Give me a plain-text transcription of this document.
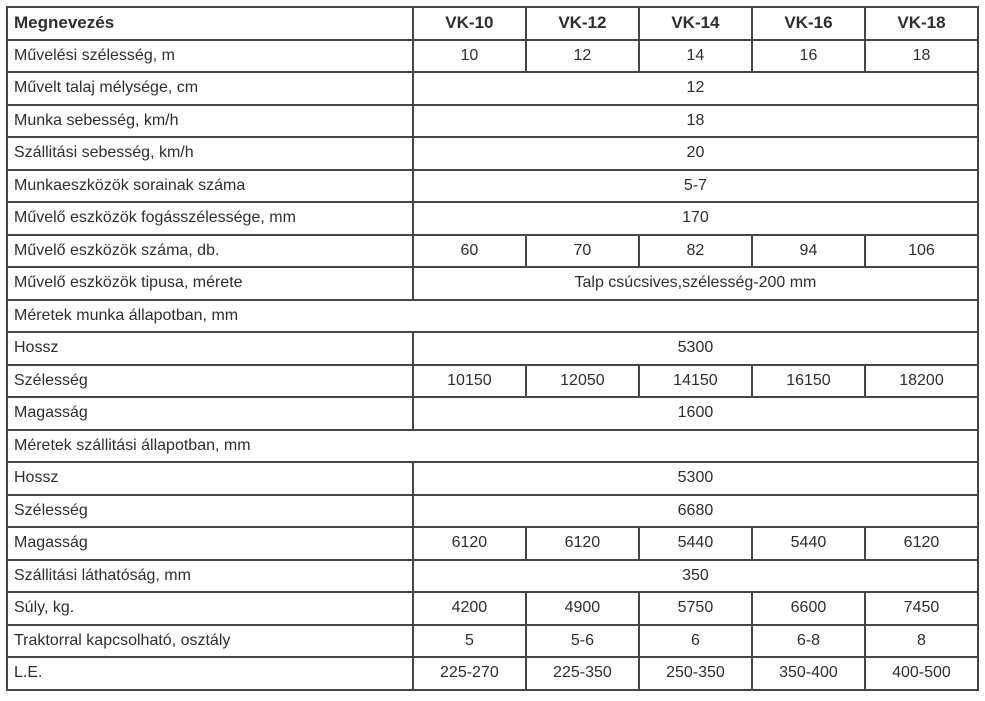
Megnevezés	VK-10	VK-12	VK-14	VK-16	VK-18
Művelési szélesség, m	10	12	14	16	18
Művelt talaj mélysége, cm	12				
Munka sebesség, km/h	18				
Szállitási sebesség, km/h	20				
Munkaeszközök sorainak száma	5-7				
Művelő eszközök fogásszélessége, mm	170				
Művelő eszközök száma, db.	60	70	82	94	106
Művelő eszközök tipusa, mérete	Talp csúcsives,szélesség-200 mm				
Méretek munka állapotban, mm					
Hossz	5300				
Szélesség	10150	12050	14150	16150	18200
Magasság	1600				
Méretek szállitási állapotban, mm					
Hossz	5300				
Szélesség	6680				
Magasság	6120	6120	5440	5440	6120
Szállitási láthatóság, mm	350				
Súly, kg.	4200	4900	5750	6600	7450
Traktorral kapcsolható, osztály	5	5-6	6	6-8	8
L.E.	225-270	225-350	250-350	350-400	400-500
